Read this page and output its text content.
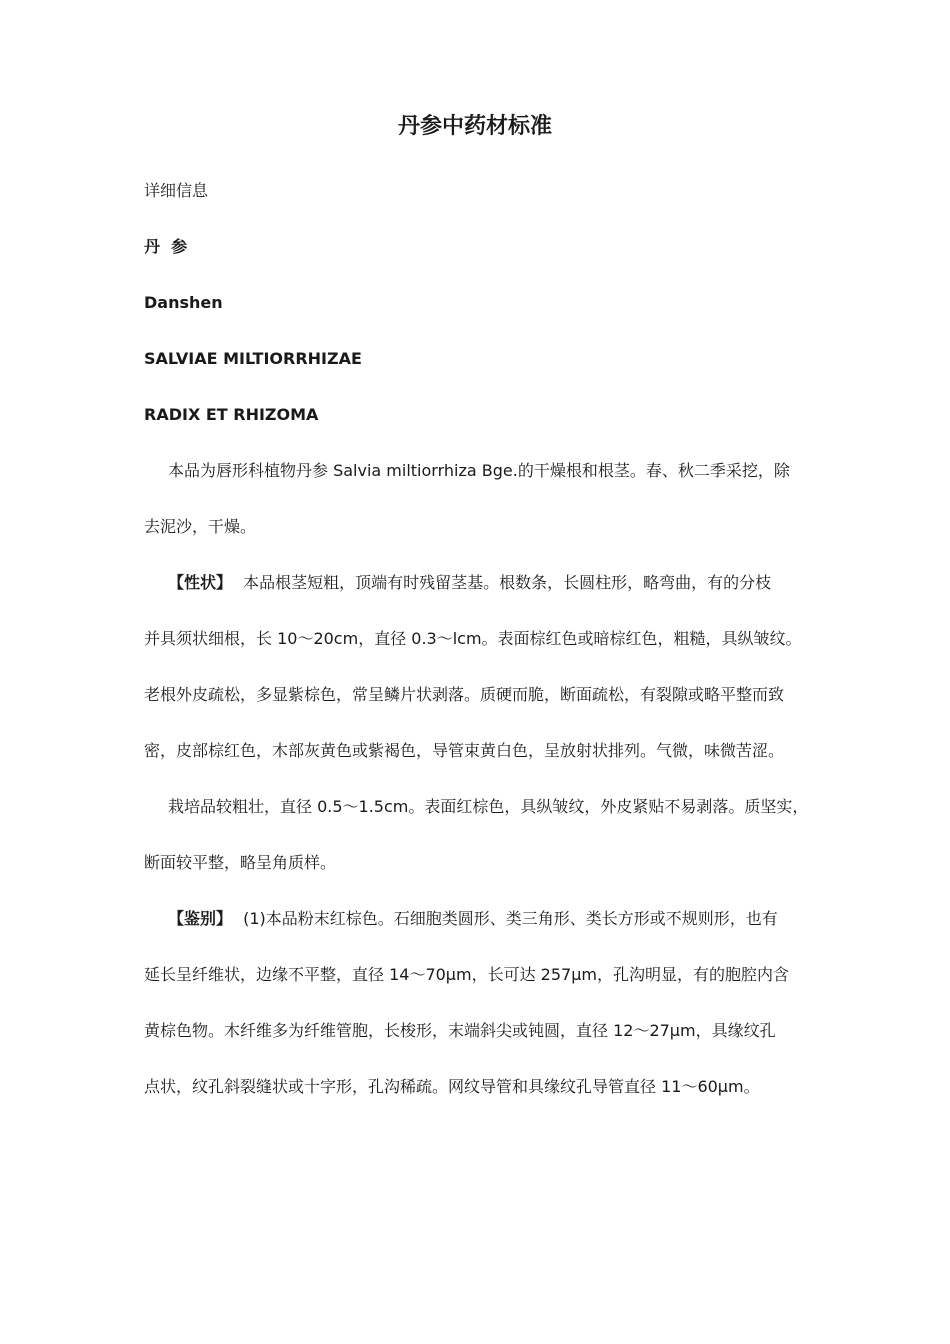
丹参中药材标准
详细信息
丹  参
Danshen
SALVIAE MILTIORRHIZAE
RADIX ET RHIZOMA
本品为唇形科植物丹参 Salvia miltiorrhiza Bge.的干燥根和根茎。春、秋二季采挖，除
去泥沙，干燥。
【性状】 本品根茎短粗，顶端有时残留茎基。根数条，长圆柱形，略弯曲，有的分枝
并具须状细根，长 10～20cm，直径 0.3～lcm。表面棕红色或暗棕红色，粗糙，具纵皱纹。
老根外皮疏松，多显紫棕色，常呈鳞片状剥落。质硬而脆，断面疏松，有裂隙或略平整而致
密，皮部棕红色，木部灰黄色或紫褐色，导管束黄白色，呈放射状排列。气微，味微苦涩。
栽培品较粗壮，直径 0.5～1.5cm。表面红棕色，具纵皱纹，外皮紧贴不易剥落。质坚实，
断面较平整，略呈角质样。
【鉴别】 (1)本品粉末红棕色。石细胞类圆形、类三角形、类长方形或不规则形，也有
延长呈纤维状，边缘不平整，直径 14～70μm，长可达 257μm，孔沟明显，有的胞腔内含
黄棕色物。木纤维多为纤维管胞，长梭形，末端斜尖或钝圆，直径 12～27μm，具缘纹孔
点状，纹孔斜裂缝状或十字形，孔沟稀疏。网纹导管和具缘纹孔导管直径 11～60μm。
